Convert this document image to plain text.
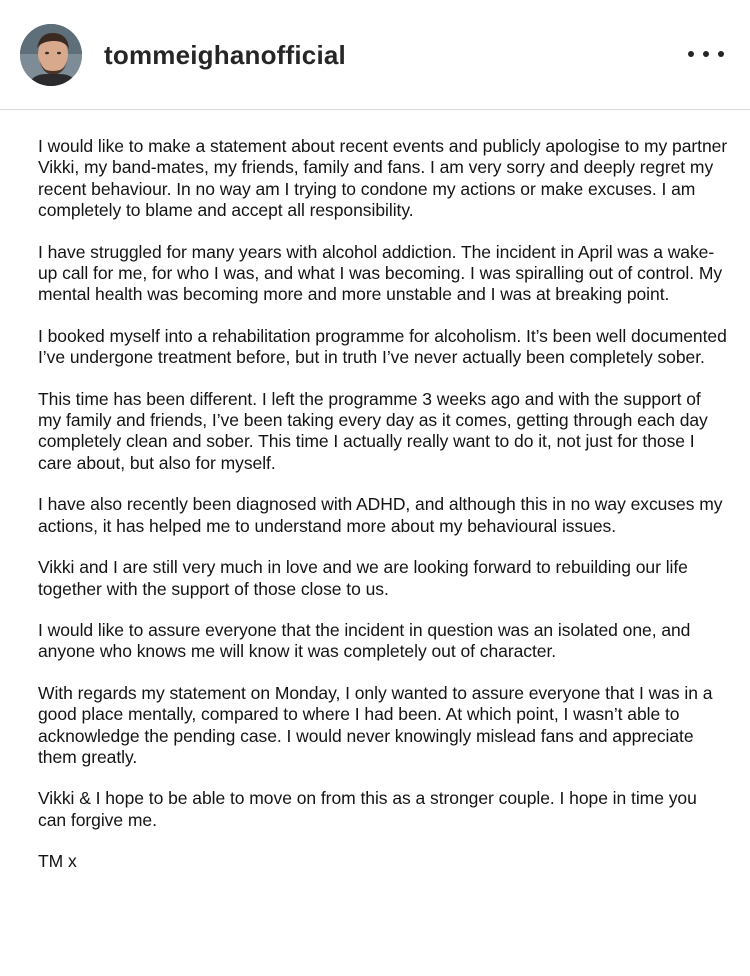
tommeighanofficial

I would like to make a statement about recent events and publicly apologise to my partner Vikki, my band-mates, my friends, family and fans. I am very sorry and deeply regret my recent behaviour. In no way am I trying to condone my actions or make excuses. I am completely to blame and accept all responsibility.

I have struggled for many years with alcohol addiction. The incident in April was a wake-up call for me, for who I was, and what I was becoming. I was spiralling out of control. My mental health was becoming more and more unstable and I was at breaking point.

I booked myself into a rehabilitation programme for alcoholism. It’s been well documented I’ve undergone treatment before, but in truth I’ve never actually been completely sober.

This time has been different. I left the programme 3 weeks ago and with the support of my family and friends, I’ve been taking every day as it comes, getting through each day completely clean and sober. This time I actually really want to do it, not just for those I care about, but also for myself.

I have also recently been diagnosed with ADHD, and although this in no way excuses my actions, it has helped me to understand more about my behavioural issues.

Vikki and I are still very much in love and we are looking forward to rebuilding our life together with the support of those close to us.

I would like to assure everyone that the incident in question was an isolated one, and anyone who knows me will know it was completely out of character.

With regards my statement on Monday, I only wanted to assure everyone that I was in a good place mentally, compared to where I had been. At which point, I wasn’t able to acknowledge the pending case. I would never knowingly mislead fans and appreciate them greatly.

Vikki & I hope to be able to move on from this as a stronger couple. I hope in time you can forgive me.

TM x
